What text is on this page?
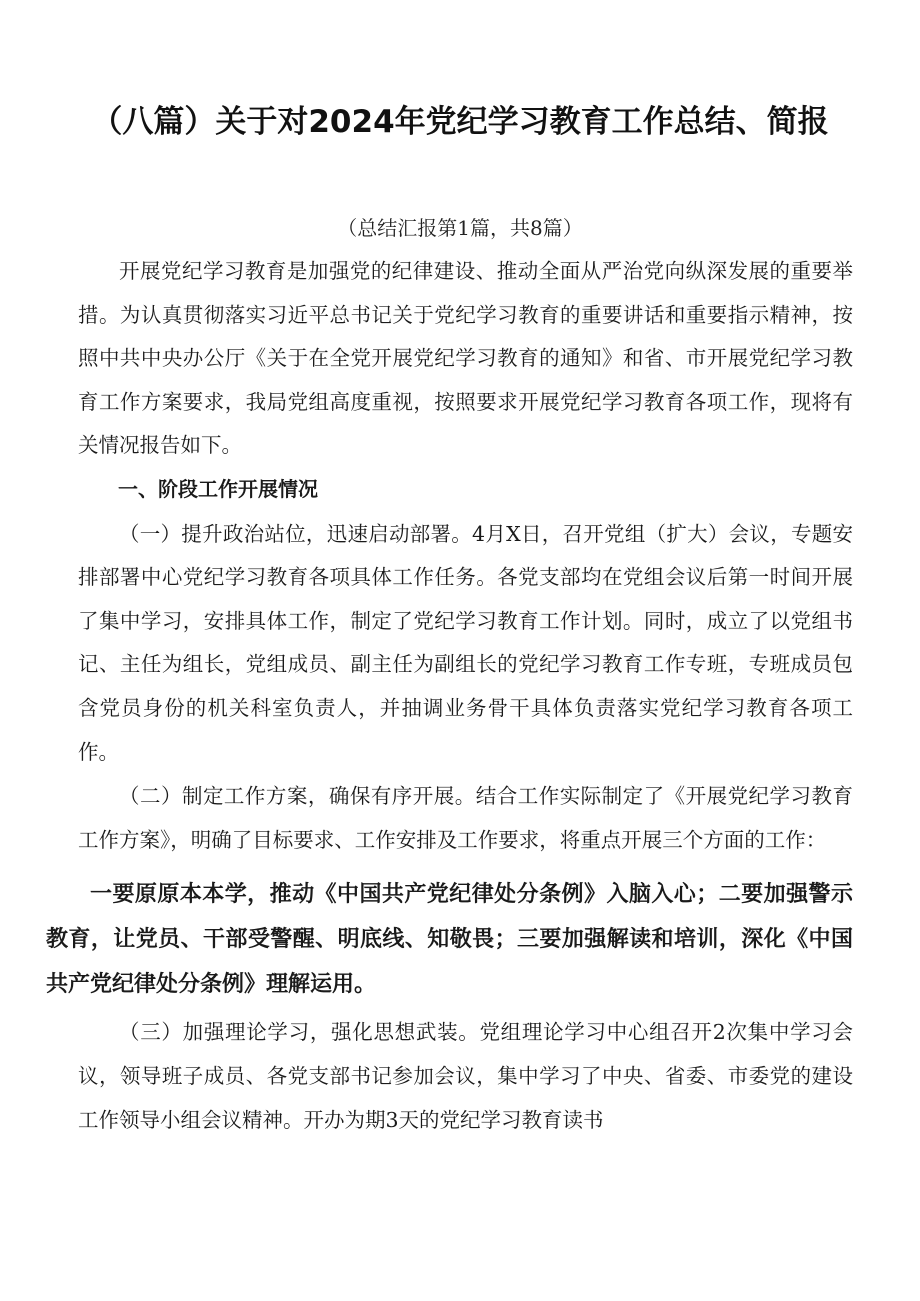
（八篇）关于对2024年党纪学习教育工作总结、简报
（总结汇报第1篇，共8篇）

开展党纪学习教育是加强党的纪律建设、推动全面从严治党向纵深发展的重要举措。为认真贯彻落实习近平总书记关于党纪学习教育的重要讲话和重要指示精神，按照中共中央办公厅《关于在全党开展党纪学习教育的通知》和省、市开展党纪学习教育工作方案要求，我局党组高度重视，按照要求开展党纪学习教育各项工作，现将有关情况报告如下。

一、阶段工作开展情况

（一）提升政治站位，迅速启动部署。4月X日，召开党组（扩大）会议，专题安排部署中心党纪学习教育各项具体工作任务。各党支部均在党组会议后第一时间开展了集中学习，安排具体工作，制定了党纪学习教育工作计划。同时，成立了以党组书记、主任为组长，党组成员、副主任为副组长的党纪学习教育工作专班，专班成员包含党员身份的机关科室负责人，并抽调业务骨干具体负责落实党纪学习教育各项工作。

（二）制定工作方案，确保有序开展。结合工作实际制定了《开展党纪学习教育工作方案》，明确了目标要求、工作安排及工作要求，将重点开展三个方面的工作：

一要原原本本学，推动《中国共产党纪律处分条例》入脑入心；二要加强警示教育，让党员、干部受警醒、明底线、知敬畏；三要加强解读和培训，深化《中国共产党纪律处分条例》理解运用。

（三）加强理论学习，强化思想武装。党组理论学习中心组召开2次集中学习会议，领导班子成员、各党支部书记参加会议，集中学习了中央、省委、市委党的建设工作领导小组会议精神。开办为期3天的党纪学习教育读书
